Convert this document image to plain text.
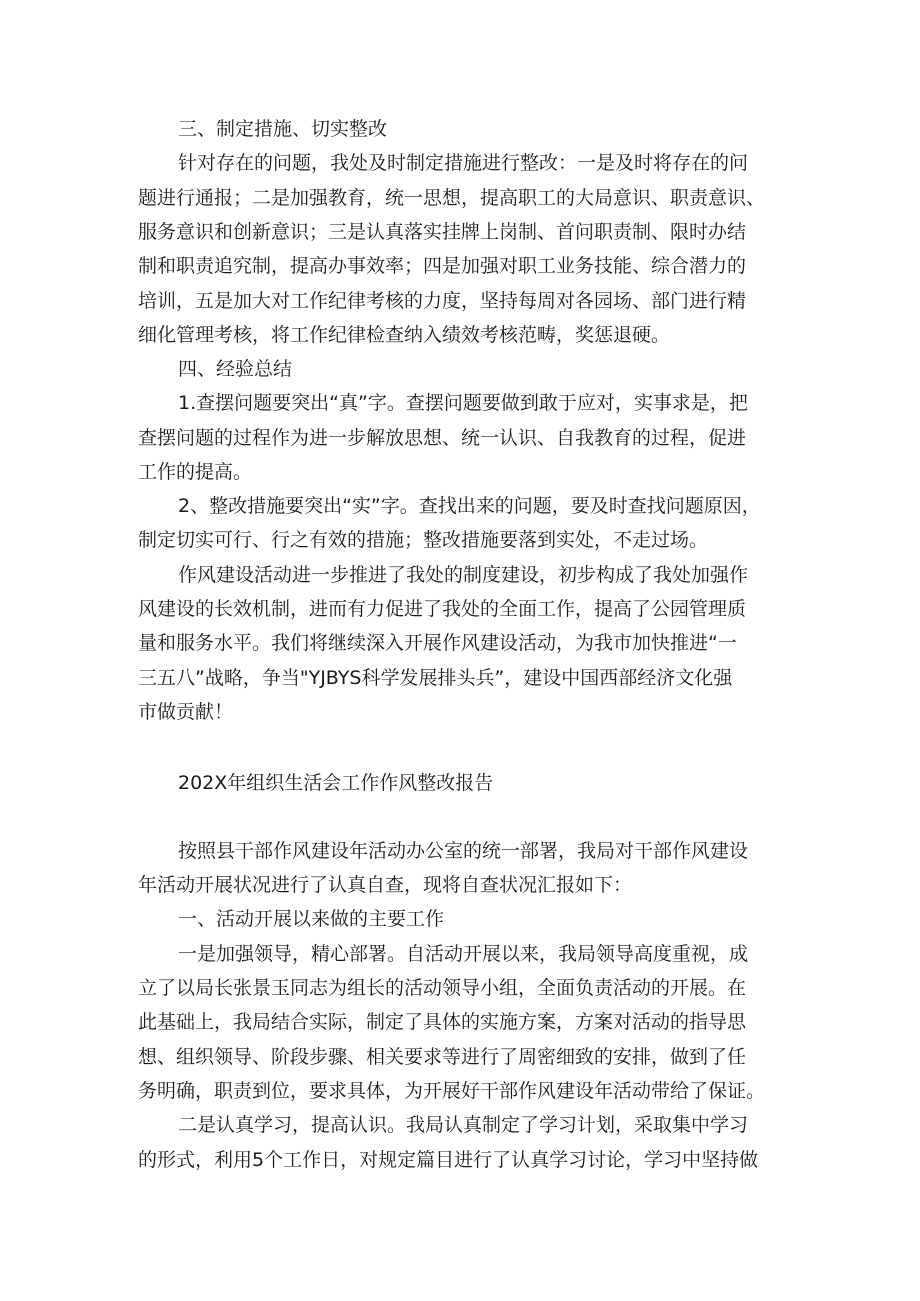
三、制定措施、切实整改
针对存在的问题，我处及时制定措施进行整改：一是及时将存在的问
题进行通报；二是加强教育，统一思想，提高职工的大局意识、职责意识、
服务意识和创新意识；三是认真落实挂牌上岗制、首问职责制、限时办结
制和职责追究制，提高办事效率；四是加强对职工业务技能、综合潜力的
培训，五是加大对工作纪律考核的力度，坚持每周对各园场、部门进行精
细化管理考核，将工作纪律检查纳入绩效考核范畴，奖惩退硬。
四、经验总结
1.查摆问题要突出“真”字。查摆问题要做到敢于应对，实事求是，把
查摆问题的过程作为进一步解放思想、统一认识、自我教育的过程，促进
工作的提高。
2、整改措施要突出“实”字。查找出来的问题，要及时查找问题原因，
制定切实可行、行之有效的措施；整改措施要落到实处，不走过场。
作风建设活动进一步推进了我处的制度建设，初步构成了我处加强作
风建设的长效机制，进而有力促进了我处的全面工作，提高了公园管理质
量和服务水平。我们将继续深入开展作风建设活动，为我市加快推进“一
三五八”战略，争当"YJBYS科学发展排头兵”，建设中国西部经济文化强
市做贡献！
202X年组织生活会工作作风整改报告
按照县干部作风建设年活动办公室的统一部署，我局对干部作风建设
年活动开展状况进行了认真自查，现将自查状况汇报如下：
一、活动开展以来做的主要工作
一是加强领导，精心部署。自活动开展以来，我局领导高度重视，成
立了以局长张景玉同志为组长的活动领导小组，全面负责活动的开展。在
此基础上，我局结合实际，制定了具体的实施方案，方案对活动的指导思
想、组织领导、阶段步骤、相关要求等进行了周密细致的安排，做到了任
务明确，职责到位，要求具体，为开展好干部作风建设年活动带给了保证。
二是认真学习，提高认识。我局认真制定了学习计划，采取集中学习
的形式，利用5个工作日，对规定篇目进行了认真学习讨论，学习中坚持做
